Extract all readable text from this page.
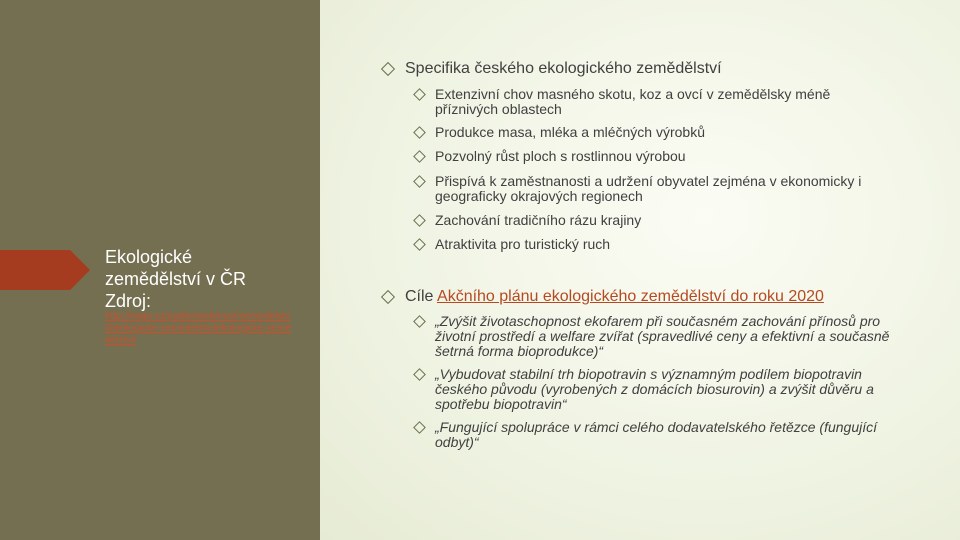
Ekologické
zemědělství v ČR
Zdroj:

http://eagri.cz/public/web/mze/zemedelstvi/ekologicke-zemedelstvi/ekologicke-zemedelstvi/

Specifika českého ekologického zemědělství
Extenzivní chov masného skotu, koz a ovcí v zemědělsky méně příznivých oblastech
Produkce masa, mléka a mléčných výrobků
Pozvolný růst ploch s rostlinnou výrobou
Přispívá k zaměstnanosti a udržení obyvatel zejména v ekonomicky i geograficky okrajových regionech
Zachování tradičního rázu krajiny
Atraktivita pro turistický ruch
Cíle Akčního plánu ekologického zemědělství do roku 2020
„Zvýšit životaschopnost ekofarem při současném zachování přínosů pro životní prostředí a welfare zvířat (spravedlivé ceny a efektivní a současně šetrná forma bioprodukce)“
„Vybudovat stabilní trh biopotravin s významným podílem biopotravin českého původu (vyrobených z domácích biosurovin) a zvýšit důvěru a spotřebu biopotravin“
„Fungující spolupráce v rámci celého dodavatelského řetězce (fungující odbyt)“
